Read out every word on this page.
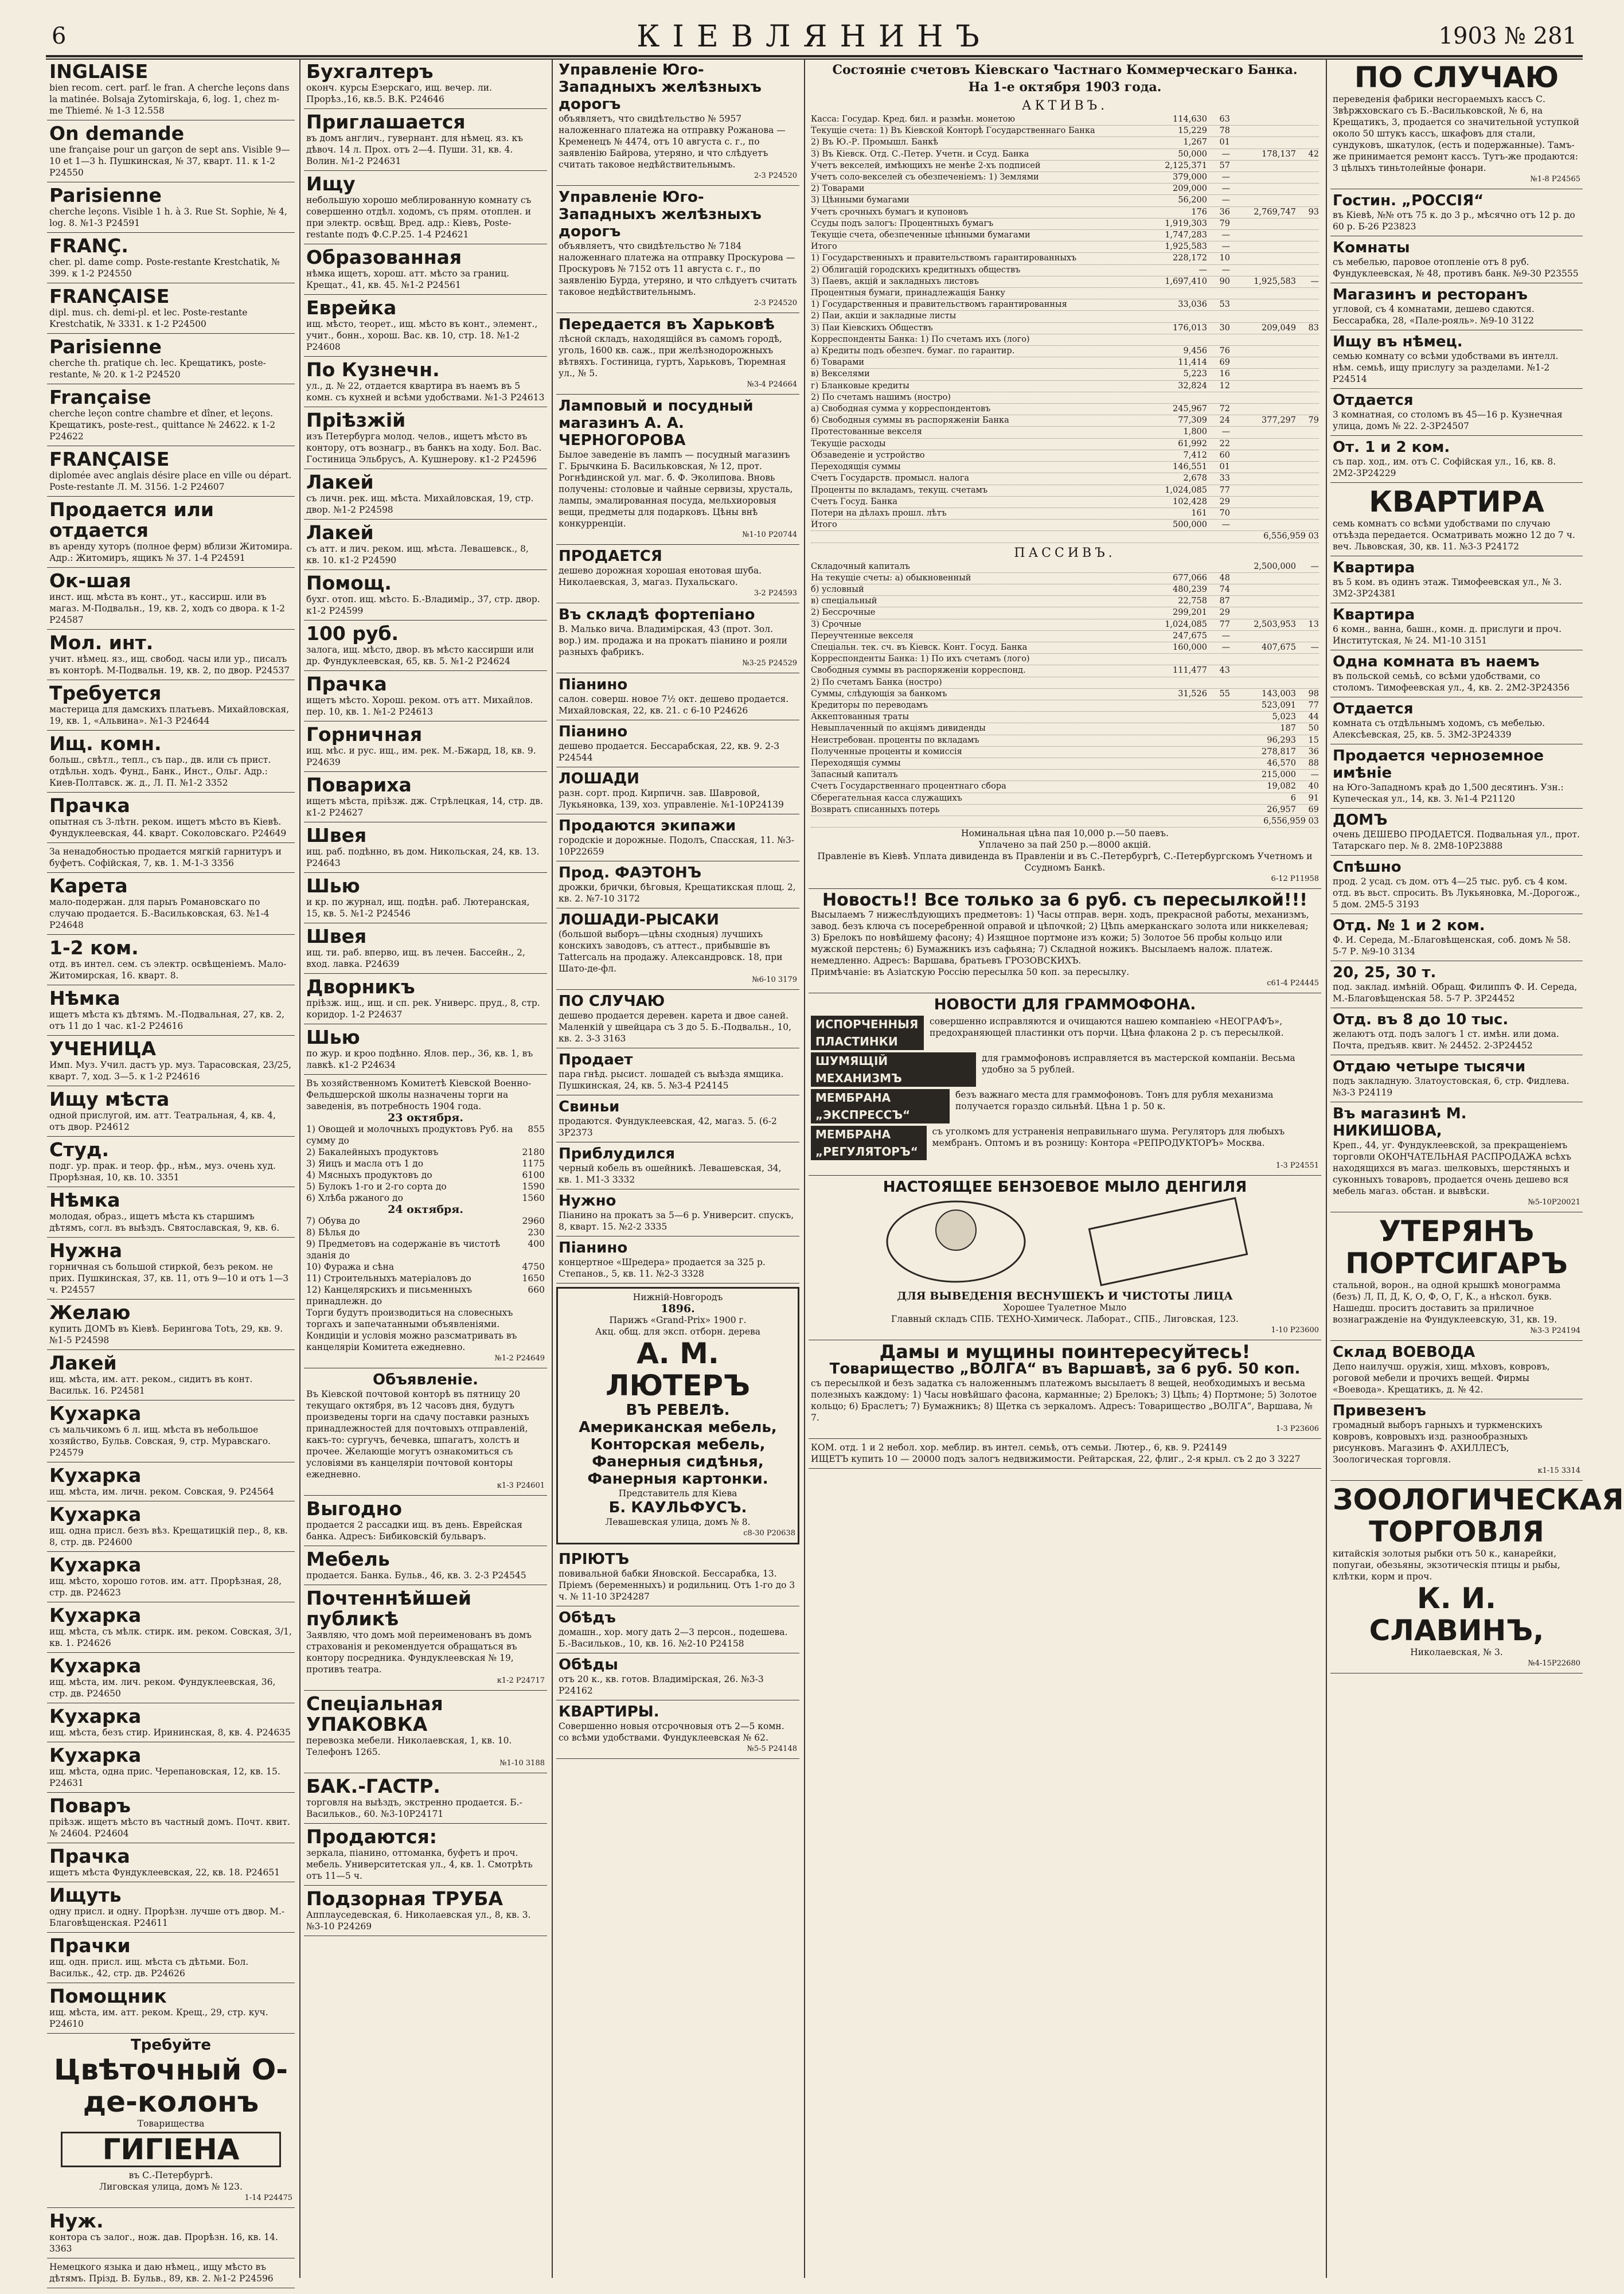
6	КІЕВЛЯНИНЪ	1903 № 281
INGLAISE
bien recom. cert. parf. le fran. A cherche leçons dans la matinée. Bolsaja Zytomirskaja, 6, log. 1, chez m-me Thiemé. № 1-3 12.558
On demande
une française pour un garçon de sept ans. Visible 9—10 et 1—3 h. Пушкинская, № 37, кварт. 11. к 1-2 Р24550
Parisienne
cherche leçons. Visible 1 h. à 3. Rue St. Sophie, № 4, log. 8. №1-3 Р24591
FRANÇ.
cher. pl. dame comp. Poste-restante Krestchatik, № 399. к 1-2 Р24550
FRANÇAISE
dipl. mus. ch. demi-pl. et lec. Poste-restante Krestchatik, № 3331. к 1-2 Р24500
Parisienne
cherche th. pratique ch. lec. Крещатикъ, poste-restante, № 20. к 1-2 Р24520
Française
cherche leçon contre chambre et dîner, et leçons. Крещатикъ, poste-rest., quittance № 24622. к 1-2 Р24622
FRANÇAISE
diplomée avec anglais désire place en ville ou départ. Poste-restante Л. М. 3156. 1-2 Р24607
Продается или отдается
въ аренду хуторъ (полное ферм) вблизи Житомира. Адр.: Житомиръ, ящикъ № 37. 1-4 Р24591
Ок-шая
инст. ищ. мѣста въ конт., ут., кассирш. или въ магаз. М-Подвальн., 19, кв. 2, ходъ со двора. к 1-2 Р24587
Мол. инт.
учит. нѣмец. яз., ищ. свобод. часы или ур., писалъ въ конторѣ. М-Подвальн. 19, кв. 2, по двор. Р24537
Требуется
мастерица для дамскихъ платьевъ. Михайловская, 19, кв. 1, «Альвина». №1-3 Р24644
Ищ. комн.
больш., свѣтл., тепл., съ пар., дв. или съ прист. отдѣльн. ходъ. Фунд., Банк., Инст., Ольг. Адр.: Киев-Полтавск. ж. д., Л. П. №1-2 3352
Прачка
опытная съ 3-лѣтн. реком. ищетъ мѣсто въ Кіевѣ. Фундуклеевская, 44. кварт. Соколовскаго. Р24649
За ненадобностью продается мягкій гарнитуръ и буфетъ. Софійская, 7, кв. 1. М-1-3 3356
Карета
мало-подержан. для парыъ Романовскаго по случаю продается. Б.-Васильковская, 63. №1-4 Р24648
1-2 ком.
отд. въ интел. сем. съ электр. освѣщеніемъ. Мало-Житомирская, 16. кварт. 8.
Нѣмка
ищетъ мѣста къ дѣтямъ. М.-Подвальная, 27, кв. 2, отъ 11 до 1 час. к1-2 Р24616
УЧЕНИЦА
Имп. Муз. Учил. дастъ ур. муз. Тарасовская, 23/25, кварт. 7, ход. 3—5. к 1-2 Р24616
Ищу мѣста
одной прислугой, им. атт. Театральная, 4, кв. 4, отъ двор. Р24612
Студ.
подг. ур. прак. и теор. фр., нѣм., муз. очень худ. Прорѣзная, 10, кв. 10. 3351
Нѣмка
молодая, образ., ищетъ мѣста къ старшимъ дѣтямъ, согл. въ выѣздъ. Святославская, 9, кв. 6.
Нужна
горничная съ большой стиркой, безъ реком. не прих. Пушкинская, 37, кв. 11, отъ 9—10 и отъ 1—3 ч. Р24557
Желаю
купить ДОМЪ въ Кіевѣ. Берингова Тоtъ, 29, кв. 9. №1-5 Р24598
Лакей
ищ. мѣста, им. атт. реком., сидитъ въ конт. Васильк. 16. Р24581
Кухарка
съ мальчикомъ 6 л. ищ. мѣста въ небольшое хозяйство, Бульв. Совская, 9, стр. Муравскаго. Р24579
Кухарка
ищ. мѣста, им. личн. реком. Совская, 9. Р24564
Кухарка
ищ. одна присл. безъ вѣз. Крещатицкій пер., 8, кв. 8, стр. дв. Р24600
Кухарка
ищ. мѣсто, хорошо готов. им. атт. Прорѣзная, 28, стр. дв. Р24623
Кухарка
ищ. мѣста, съ мѣлк. стирк. им. реком. Совская, 3/1, кв. 1. Р24626
Кухарка
ищ. мѣста, им. лич. реком. Фундуклеевская, 36, стр. дв. Р24650
Кухарка
ищ. мѣста, безъ стир. Ирининская, 8, кв. 4. Р24635
Кухарка
ищ. мѣста, одна прис. Черепановская, 12, кв. 15. Р24631
Поваръ
пріѣзж. ищетъ мѣсто въ частный домъ. Почт. квит. № 24604. Р24604
Прачка
ищетъ мѣста Фундуклеевская, 22, кв. 18. Р24651
Ищуть
одну присл. и одну. Прорѣзн. лучше отъ двор. М.-Благовѣщенская. Р24611
Прачки
ищ. одн. присл. ищ. мѣста съ дѣтьми. Бол. Васильк., 42, стр. дв. Р24626
Помощник
ищ. мѣста, им. атт. реком. Крещ., 29, стр. куч. Р24610
Требуйте
Цвѣточный О-де-колонъ
Товарищества
ГИГІЕНА
въ С.-Петербургѣ.
Лиговская улица, домъ № 123.
1-14 Р24475
Нуж.
контора съ залог., нож. дав. Прорѣзн. 16, кв. 14. 3363
Немецкого языка и даю нѣмец., ищу мѣсто въ дѣтямъ. Прізд. В. Бульв., 89, кв. 2. №1-2 Р24596
Бухгалтеръ
оконч. курсы Езерскаго, ищ. вечер. ли. Прорѣз.,16, кв.5. В.К. Р24646
Приглашается
въ домъ англич., гувернант. для нѣмец. яз. къ дѣвоч. 14 л. Прох. отъ 2—4. Пуши. 31, кв. 4. Волин. №1-2 Р24631
Ищу
небольшую хорошо меблированную комнату съ совершенно отдѣл. ходомъ, съ прям. отоплен. и при электр. освѣщ. Вред. адр.: Кіевъ, Poste-restante подъ Ф.С.Р.25. 1-4 Р24621
Образованная
нѣмка ищетъ, хорош. атт. мѣсто за границ. Крещат., 41, кв. 45. №1-2 Р24561
Еврейка
ищ. мѣсто, теорет., ищ. мѣсто въ конт., элемент., учит., бонн., хорош. Вас. кв. 10, стр. 18. №1-2 Р24608
По Кузнечн.
ул., д. № 22, отдается квартира въ наемъ въ 5 комн. съ кухней и всѣми удобствами. №1-3 Р24613
Пріѣзжій
изъ Петербурга молод. челов., ищетъ мѣсто въ контору, отъ вознагр., въ банкъ на ходу. Бол. Вас. Гостиница Эльбрусъ, А. Кушнерову. к1-2 Р24596
Лакей
съ личн. рек. ищ. мѣста. Михайловская, 19, стр. двор. №1-2 Р24598
Лакей
съ атт. и лич. реком. ищ. мѣста. Левашевск., 8, кв. 10. к1-2 Р24590
Помощ.
бухг. отоп. ищ. мѣсто. Б.-Владимір., 37, стр. двор. к1-2 Р24599
100 руб.
залога, ищ. мѣсто, двор. въ мѣсто кассирши или др. Фундуклеевская, 65, кв. 5. №1-2 Р24624
Прачка
ищетъ мѣсто. Хорош. реком. отъ атт. Михайлов. пер. 10, кв. 1. №1-2 Р24613
Горничная
ищ. мѣс. и рус. ищ., им. рек. М.-Бжард, 18, кв. 9. Р24639
Повариха
ищетъ мѣста, пріѣзж. дж. Стрѣлецкая, 14, стр. дв. к1-2 Р24627
Швея
ищ. раб. подѣнно, въ дом. Никольская, 24, кв. 13. Р24643
Шью
и кр. по журнал, ищ. подѣн. раб. Лютеранская, 15, кв. 5. №1-2 Р24546
Швея
ищ. ти. раб. вперво, ищ. въ лечен. Бассейн., 2, вход. лавка. Р24639
Дворникъ
пріѣзж. ищ., ищ. и сп. рек. Универс. пруд., 8, стр. коридор. 1-2 Р24637
Шью
по жур. и кроо подѣнно. Ялов. пер., 36, кв. 1, въ лавкѣ. к1-2 Р24634
Въ хозяйственномъ Комитетѣ Кіевской Военно-Фельдшерской школы назначены торги на заведенія, въ потребность 1904 года.
23 октября.
1) Овощей и молочныхъ продуктовъ Руб. на сумму до
855
2) Бакалейныхъ продуктовъ	2180
3) Яицъ и масла отъ 1 до	1175
4) Мясныхъ продуктовъ до	6100
5) Булокъ 1-го и 2-го сорта до	1590
6) Хлѣба ржаного до	1560
24 октября.
7) Обува до	2960
8) Бѣлья до	230
9) Предметовъ на содержаніе въ чистотѣ зданія до
400
10) Фуража и сѣна	4750
11) Строительныхъ матеріаловъ до	1650
12) Канцелярскихъ и письменныхъ принадлежн. до
660
Торги будутъ производиться на словесныхъ торгахъ и запечатанными объявленіями. Кондиціи и условія можно разсматривать въ канцеляріи Комитета ежедневно.
№1-2 Р24649
Объявленіе.
Въ Кіевской почтовой конторѣ въ пятницу 20 текущаго октября, въ 12 часовъ дня, будутъ произведены торги на сдачу поставки разныхъ принадлежностей для почтовыхъ отправленій, какъ-то: сургучъ, бечевка, шпагатъ, холстъ и прочее. Желающіе могутъ ознакомиться съ условіями въ канцеляріи почтовой конторы ежедневно.
к1-3 Р24601
Выгодно
продается 2 рассадки ищ. въ день. Еврейская банка. Адресъ: Бибиковскій бульваръ.
Мебель
продается. Банка. Бульв., 46, кв. 3. 2-3 Р24545
Почтеннѣйшей публикѣ
Заявляю, что домъ мой переименованъ въ домъ страхованія и рекомендуется обращаться въ контору посредника. Фундуклеевская № 19, противъ театра.
к1-2 Р24717
Спеціальная УПАКОВКА
перевозка мебели. Николаевская, 1, кв. 10. Телефонъ 1265.
№1-10 3188
БАК.-ГАСТР.
торговля на выѣздъ, экстренно продается. Б.-Васильков., 60. №3-10Р24171
Продаются:
зеркала, піанино, оттоманка, буфетъ и проч. мебель. Университетская ул., 4, кв. 1. Смотрѣть отъ 11—5 ч.
Подзорная ТРУБА
Апплауседевская, 6. Николаевская ул., 8, кв. 3. №3-10 Р24269
Управленіе Юго-Западныхъ желѣзныхъ дорогъ
объявляетъ, что свидѣтельство № 5957 наложеннаго платежа на отправку Рожанова — Кременецъ № 4474, отъ 10 августа с. г., по заявленію Байрова, утеряно, и что слѣдуетъ считать таковое недѣйствительнымъ.
2-3 Р24520
Управленіе Юго-Западныхъ желѣзныхъ дорогъ
объявляетъ, что свидѣтельство № 7184 наложеннаго платежа на отправку Проскурова — Проскуровъ № 7152 отъ 11 августа с. г., по заявленію Бурда, утеряно, и что слѣдуетъ считать таковое недѣйствительнымъ.
2-3 Р24520
Передается въ Харьковѣ
лѣсной складъ, находящійся въ самомъ городѣ, уголь, 1600 кв. саж., при желѣзнодорожныхъ вѣтвяхъ. Гостиница, гуртъ, Харьковъ, Тюремная ул., № 5.
№3-4 Р24664
Ламповый и посудный магазинъ А. А. ЧЕРНОГОРОВА
Былое заведеніе въ лампъ — посудный магазинъ Г. Брычкина Б. Васильковская, № 12, прот. Рогнѣдинской ул. маг. б. Ф. Эколипова. Вновь получены: столовые и чайные сервизы, хрусталь, лампы, эмалированная посуда, мельхиоровыя вещи, предметы для подарковъ. Цѣны внѣ конкурренціи.
№1-10 Р20744
ПРОДАЕТСЯ
дешево дорожная хорошая енотовая шуба. Николаевская, 3, магаз. Пухальскаго.
3-2 Р24593
Въ складѣ фортепіано
В. Малько вича. Владимірская, 43 (прот. Зол. вор.) им. продажа и на прокатъ піанино и рояли разныхъ фабрикъ.
№3-25 Р24529
Піанино
салон. соверш. новое 7½ окт. дешево продается. Михайловская, 22, кв. 21. с 6-10 Р24626
Піанино
дешево продается. Бессарабская, 22, кв. 9. 2-3 Р24544
ЛОШАДИ
разн. сорт. прод. Кирпичн. зав. Шавровой, Лукьяновка, 139, хоз. управленіе. №1-10Р24139
Продаются экипажи
городскіе и дорожные. Подолъ, Спасская, 11. №3-10Р22659
Прод. ФАЭТОНЪ
дрожки, брички, бѣговыя, Крещатикская площ. 2, кв. 2. №7-10 3172
ЛОШАДИ-РЫСАКИ
(большой выборъ—цѣны сходныя) лучшихъ конскихъ заводовъ, съ аттест., прибывшіе въ Тatterсаль на продажу. Александровск. 18, при Шато-де-фл.
№6-10 3179
ПО СЛУЧАЮ
дешево продается деревен. карета и двое саней. Маленкій у швейцара съ 3 до 5. Б.-Подвальн., 10, кв. 2. 3-3 3163
Продает
пара гнѣд. рысист. лошадей съ выѣзда ямщика. Пушкинская, 24, кв. 5. №3-4 Р24145
Свиньи
продаются. Фундуклеевская, 42, магаз. 5. (6-2 3Р2373
Приблудился
черный кобель въ ошейникѣ. Левашевская, 34, кв. 1. М1-3 3332
Нужно
Піанино на прокатъ за 5—6 р. Университ. спускъ, 8, кварт. 15. №2-2 3335
Піанино
концертное «Шредера» продается за 325 р. Степанов., 5, кв. 11. №2-3 3328
Нижній-Новгородъ
1896.
Парижъ «Grand-Prix» 1900 г.
Акц. общ. для эксп. отборн. дерева
А. М. ЛЮТЕРЪ
ВЪ РЕВЕЛѢ.
Американская мебель,
Конторская мебель,
Фанерныя сидѣнья,
Фанерныя картонки.
Представитель для Кіева
Б. КАУЛЬФУСЪ.
Левашевская улица, домъ № 8.
с8-30 Р20638
ПРІЮТЪ
повивальной бабки Яновской. Бессарабка, 13. Пріемъ (беременныхъ) и родильниц. Отъ 1-го до 3 ч. № 11-10 3Р24287
Обѣдъ
домашн., хор. могу дать 2—3 персон., подешева. Б.-Васильков., 10, кв. 16. №2-10 Р24158
Обѣды
отъ 20 к., кв. готов. Владимірская, 26. №3-3 Р24162
КВАРТИРЫ.
Совершенно новыя отсрочновыя отъ 2—5 комн. со всѣми удобствами. Фундуклеевская № 62.
№5-5 Р24148
Состояніе счетовъ Кіевскаго Частнаго Коммерческаго Банка.
На 1-е октября 1903 года.
АКТИВЪ.
Касса: Госудaр. Кред. бил. и размѣн. монетою	114,630	63
Текущіе счета: 1) Въ Кіевской Конторѣ Государственнаго Банка	15,229	78
2) Въ Ю.-Р. Промышл. Банкѣ	1,267	01
3) Въ Кіевск. Отд. С.-Петер. Учетн. и Ссуд. Банка	50,000	—	178,137	42
Учетъ векселей, имѣющихъ не менѣе 2-хъ подписей	2,125,371	57
Учетъ соло-векселей съ обезпеченіемъ: 1) Землями	379,000	—
2) Товарами	209,000	—
3) Цѣнными бумагами	56,200	—
Учетъ срочныхъ бумагъ и купоновъ	176	36	2,769,747	93
Ссуды подъ залогъ: Процентныхъ бумагъ	1,919,303	79
Текущіе счета, обезпеченные цѣнными бумагами	1,747,283	—
Итого	1,925,583	—
1) Государственныхъ и правительствомъ гарантированныхъ	228,172	10
2) Облигацій городскихъ кредитныхъ обществъ	—	—
3) Паевъ, акцій и закладныхъ листовъ	1,697,410	90	1,925,583	—
Процентныя бумаги, принадлежащія Банку
1) Государственныя и правительствомъ гарантированныя	33,036	53
2) Паи, акціи и закладные листы
3) Паи Кіевскихъ Обществъ	176,013	30	209,049	83
Корреспонденты Банка: 1) По счетамъ ихъ (лого)
а) Кредиты подъ обезпеч. бумаг. по гарантир.	9,456	76
б) Товарами	11,414	69
в) Векселями	5,223	16
г) Бланковые кредиты	32,824	12
2) По счетамъ нашимъ (ностро)
а) Свободная сумма у корреспондентовъ	245,967	72
б) Свободныя суммы въ распоряженіи Банка	77,309	24	377,297	79
Протестованные векселя	1,800	—
Текущіе расходы	61,992	22
Обзаведеніе и устройство	7,412	60
Переходящія суммы	146,551	01
Счетъ Государств. промысл. налога	2,678	33
Проценты по вкладамъ, текущ. счетамъ	1,024,085	77
Счетъ Госуд. Банка	102,428	29
Потери на дѣлахъ прошл. лѣтъ	161	70
Итого	500,000	—
6,556,959 03
ПАССИВЪ.
Складочный капиталъ	2,500,000	—
На текущіе счеты: а) обыкновенный	677,066	48
б) условный	480,239	74
в) спеціальный	22,758	87
2) Бессрочные	299,201	29
3) Срочные	1,024,085	77	2,503,953	13
Переучтенные векселя	247,675	—
Спеціальн. тек. сч. въ Кіевск. Конт. Госуд. Банка	160,000	—	407,675	—
Корреспонденты Банка: 1) По ихъ счетамъ (лого)
Свободныя суммы въ распоряженіи корреспонд.	111,477	43
2) По счетамъ Банка (ностро)
Суммы, слѣдующія за банкомъ	31,526	55	143,003	98
Кредиторы по переводамъ	523,091	77
Аккептованныя траты	5,023	44
Невыплаченный по акціямъ дивиденды	187	50
Неистребован. проценты по вкладамъ	96,293	15
Полученные проценты и комиссія	278,817	36
Переходящія суммы	46,570	88
Запасный капиталъ	215,000	—
Счетъ Государственнаго процентнаго сбора	19,082	40
Сберегательная касса служащихъ	6	91
Возвратъ списанныхъ потерь	26,957	69
6,556,959 03
Номинальная цѣна пая 10,000 р.—50 паевъ.
Уплачено за пай 250 р.—8000 акцій.
Правленіе въ Кіевѣ. Уплата дивиденда въ Правленіи и въ С.-Петербургѣ, С.-Петербургскомъ Учетномъ и Ссудномъ Банкѣ.
6-12 Р11958
Новость!! Все только за 6 руб. съ пересылкой!!!
Высылаемъ 7 нижеслѣдующихъ предметовъ: 1) Часы отправ. верн. ходъ, прекрасной работы, механизмъ, завод. безъ ключа съ посеребренной оправой и цѣпочкой; 2) Цѣпь амерканскаго золота или никкелевая; 3) Брелокъ по новѣйшему фасону; 4) Изящное портмоне изъ кожи; 5) Золотое 56 пробы кольцо или мужской перстень; 6) Бумажникъ изъ сафьяна; 7) Складной ножикъ. Высылаемъ налож. платеж. немедленно. Адресъ: Варшава, братьевъ ГРОЗОВСКИХЪ.
Примѣчаніе: въ Азіатскую Россію пересылка 50 коп. за пересылку.
с61-4 Р24445
НОВОСТИ ДЛЯ ГРАММОФОНА.
ИСПОРЧЕННЫЯ ПЛАСТИНКИ
совершенно исправляются и очищаются нашею компаніею «НЕОГРАФЪ», предохраняющей пластинки отъ порчи. Цѣна флакона 2 р. съ пересылкой.
ШУМЯЩІЙ МЕХАНИЗМЪ
для граммофоновъ исправляется въ мастерской компаніи. Весьма удобно за 5 рублей.
МЕМБРАНА „ЭКСПРЕССЪ“
безъ важнаго места для граммофоновъ. Тонъ для рубля механизма получается гораздо сильнѣй. Цѣна 1 р. 50 к.
МЕМБРАНА „РЕГУЛЯТОРЪ“
съ уголкомъ для устраненія неправильнаго шума. Регуляторъ для любыхъ мембранъ. Оптомъ и въ розницу: Контора «РЕПРОДУКТОРЪ» Москва.
1-3 Р24551
НАСТОЯЩЕЕ БЕНЗОЕВОЕ МЫЛО ДЕНГИЛЯ
ДЛЯ ВЫВЕДЕНІЯ ВЕСНУШЕКЪ И ЧИСТОТЫ ЛИЦА
Хорошее Туалетное Мыло
Главный складъ СПБ. ТЕХНО-Химическ. Лаборат., СПБ., Лиговская, 123.
1-10 Р23600
Дамы и мущины поинтересуйтесь!
Товарищество „ВОЛГА“ въ Варшавѣ, за 6 руб. 50 коп.
съ пересылкой и безъ задатка съ наложеннымъ платежомъ высылаетъ 8 вещей, необходимыхъ и весьма полезныхъ каждому: 1) Часы новѣйшаго фасона, карманные; 2) Брелокъ; 3) Цѣпь; 4) Портмоне; 5) Золотое кольцо; 6) Браслетъ; 7) Бумажникъ; 8) Щетка съ зеркаломъ. Адресъ: Товарищество „ВОЛГА“, Варшава, № 7.
1-3 Р23606
КОМ. отд. 1 и 2 небол. хор. меблир. въ интел. семьѣ, отъ семьи. Лютер., 6, кв. 9. Р24149
ИЩЕТЪ купить 10 — 20000 подъ залогъ недвижимости. Рейтарская, 22, флиг., 2-я крыл. съ 2 до 3 3227
ПО СЛУЧАЮ
переведенія фабрики несгораемыхъ кассъ С. Звѣржховскаго съ Б.-Васильковской, № 6, на Крещатикъ, 3, продается со значительной уступкой около 50 штукъ кассъ, шкафовъ для стали, сундуковъ, шкатулок, (есть и подержанные). Тамъ-же принимается ремонт кассъ. Тутъ-же продаются: 3 цѣлыхъ тиньтолейные фонари.
№1-8 Р24565
Гостин. „РОССІЯ“
въ Кіевѣ, №№ отъ 75 к. до 3 р., мѣсячно отъ 12 р. до 60 р. Б-26 Р23823
Комнаты
съ мебелью, паровое отопленіе отъ 8 руб. Фундуклеевская, № 48, противъ банк. №9-30 Р23555
Магазинъ и ресторанъ
угловой, съ 4 комнатами, дешево сдаются. Бессарабка, 28, «Пале-рояль». №9-10 3122
Ищу въ нѣмец.
семью комнату со всѣми удобствами въ интелл. нѣм. семьѣ, ищу прислугу за разделами. №1-2 Р24514
Отдается
3 комнатная, со столомъ въ 45—16 р. Кузнечная улица, домъ № 22. 2-3Р24507
От. 1 и 2 ком.
съ пар. ход., им. отъ С. Софійская ул., 16, кв. 8. 2М2-3Р24229
КВАРТИРА
семь комнатъ со всѣми удобствами по случаю отъѣзда передается. Осматривать можно 12 до 7 ч. веч. Львовская, 30, кв. 11. №3-3 Р24172
Квартира
въ 5 ком. въ одинъ этаж. Тимофеевская ул., № 3. 3М2-3Р24381
Квартира
6 комн., ванна, башн., комн. д. прислуги и проч. Институтская, № 24. М1-10 3151
Одна комната въ наемъ
въ польской семьѣ, со всѣми удобствами, со столомъ. Тимофеевская ул., 4, кв. 2. 2М2-3Р24356
Отдается
комната съ отдѣльнымъ ходомъ, съ мебелью. Алексѣевская, 25, кв. 5. 3М2-3Р24339
Продается черноземное имѣніе
на Юго-Западномъ краѣ до 1,500 десятинъ. Узн.: Купеческая ул., 14, кв. 3. №1-4 Р21120
ДОМЪ
очень ДЕШЕВО ПРОДАЕТСЯ. Подвальная ул., прот. Татарскаго пер. № 8. 2М8-10Р23888
Спѣшно
прод. 2 усад. съ дом. отъ 4—25 тыс. руб. съ 4 ком. отд. въ вьст. спросить. Въ Лукьяновка, М.-Дорогож., 5 дом. 2М5-5 3193
Отд. № 1 и 2 ком.
Ф. И. Середа, М.-Благовѣщенская, соб. домъ № 58. 5-7 Р. №9-10 3134
20, 25, 30 т.
под. заклад. имѣній. Обращ. Филиппъ Ф. И. Середа, М.-Благовѣщенская 58. 5-7 Р. 3Р24452
Отд. въ 8 до 10 тыс.
желаютъ отд. подъ залогъ 1 ст. имѣн. или дома. Почта, предъяв. квит. № 24452. 2-3Р24452
Отдаю четыре тысячи
подъ закладную. Златоустовская, 6, стр. Фидлева. №3-3 Р24119
Въ магазинѣ М. НИКИШОВА,
Креп., 44, уг. Фундуклеевской, за прекращеніемъ торговли ОКОНЧАТЕЛЬНАЯ РАСПРОДАЖА всѣхъ находящихся въ магаз. шелковыхъ, шерстяныхъ и суконныхъ товаровъ, продается очень дешево вся мебель магаз. обстан. и вывѣски.
№5-10Р20021
УТЕРЯНЪ ПОРТСИГАРЪ
стальной, ворон., на одной крышкѣ монограмма (безъ) Л, П, Д, К, О, Ф, О, Г, К., а нѣскол. букв. Нашедш. проситъ доставить за приличное вознагражденіе на Фундуклеевскую, 31, кв. 19.
№3-3 Р24194
Склад ВОЕВОДА
Депо наилучш. оружія, хищ. мѣховъ, ковровъ, роговой мебели и прочихъ вещей. Фирмы «Воевода». Крещатикъ, д. № 42.
Привезенъ
громадный выборъ гарныхъ и туркменскихъ ковровъ, ковровыхъ изд. разнообразныхъ рисунковъ. Магазинъ Ф. АХИЛЛЕСЪ, Зоологическая торговля.
к1-15 3314
ЗООЛОГИЧЕСКАЯ ТОРГОВЛЯ
китайскія золотыя рыбки отъ 50 к., канарейки, попугаи, обезьяны, экзотическія птицы и рыбы, клѣтки, корм и проч.
К. И. СЛАВИНЪ,
Николаевская, № 3.
№4-15Р22680
